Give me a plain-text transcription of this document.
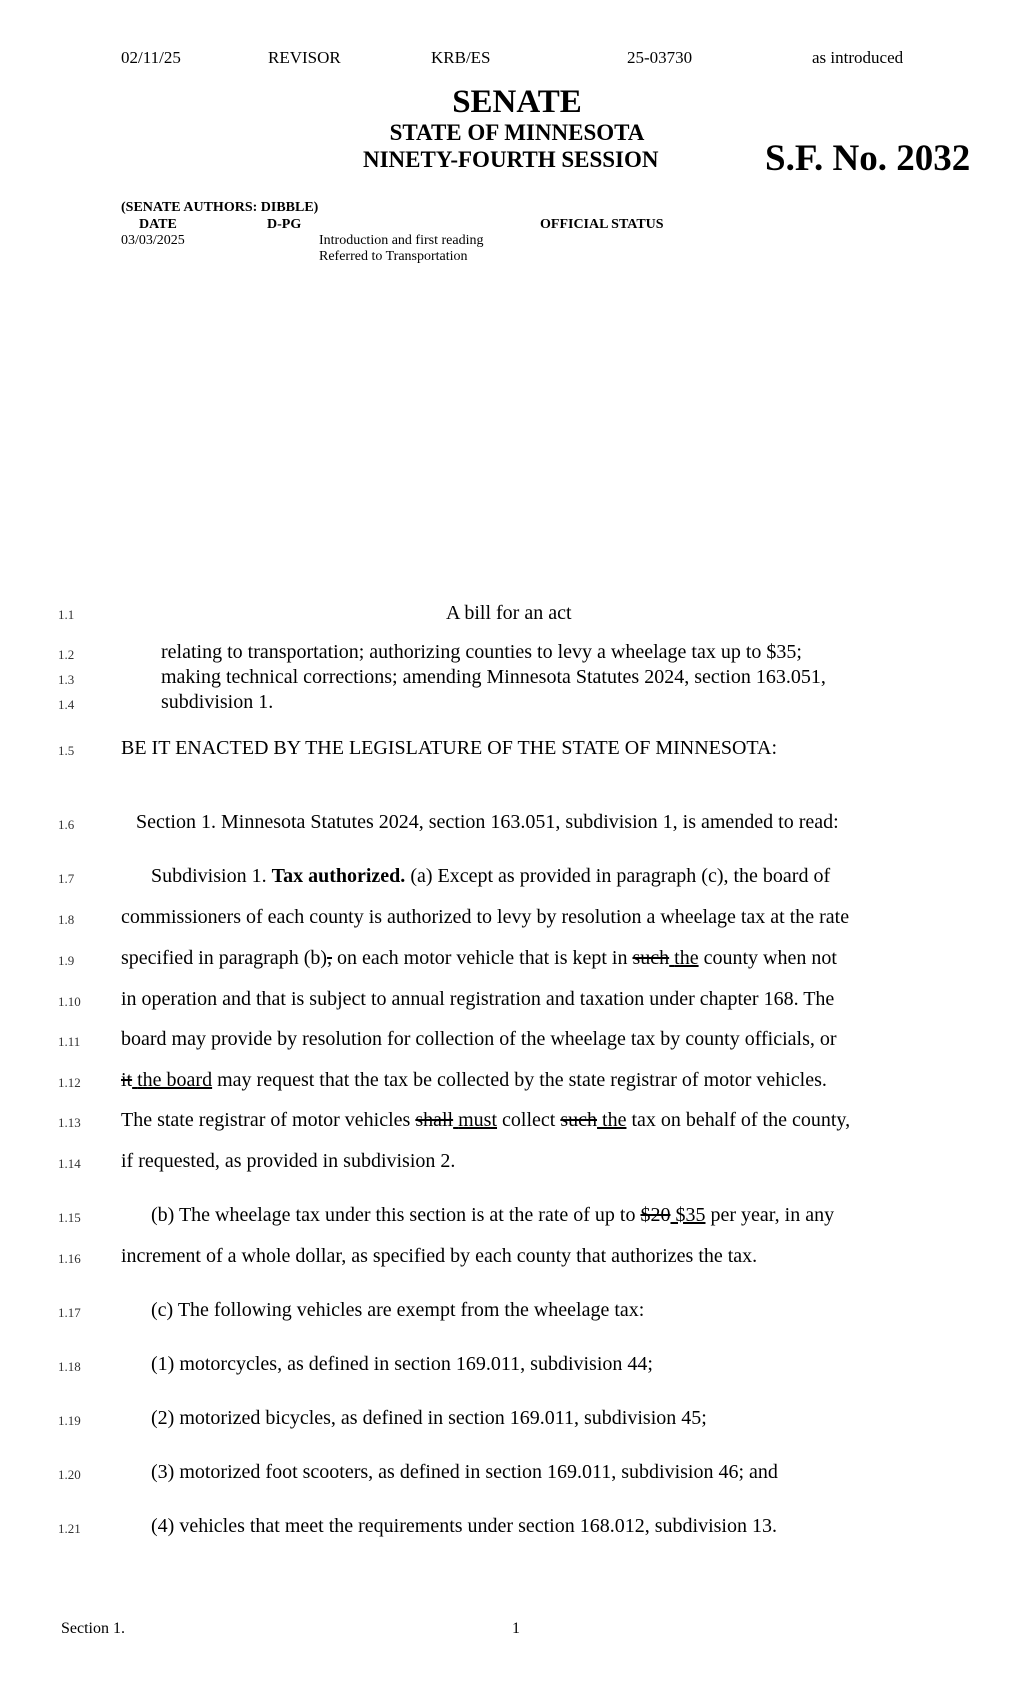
02/11/25	REVISOR	KRB/ES	25-03730	as introduced
SENATE
STATE OF MINNESOTA
NINETY-FOURTH SESSION	S.F. No. 2032
(SENATE AUTHORS: DIBBLE)
DATE	D-PG	OFFICIAL STATUS
03/03/2025	Introduction and first reading
Referred to Transportation
1.1
1.2
1.3
1.4
1.5
1.6
1.7
1.8
1.9
1.10
1.11
1.12
1.13
1.14
1.15
1.16
1.17
1.18
1.19
1.20
1.21
A bill for an act
relating to transportation; authorizing counties to levy a wheelage tax up to $35;
making technical corrections; amending Minnesota Statutes 2024, section 163.051,
subdivision 1.
BE IT ENACTED BY THE LEGISLATURE OF THE STATE OF MINNESOTA:
Section 1. Minnesota Statutes 2024, section 163.051, subdivision 1, is amended to read:
Subdivision 1. Tax authorized. (a) Except as provided in paragraph (c), the board of
commissioners of each county is authorized to levy by resolution a wheelage tax at the rate
specified in paragraph (b), on each motor vehicle that is kept in such the county when not
in operation and that is subject to annual registration and taxation under chapter 168. The
board may provide by resolution for collection of the wheelage tax by county officials, or
it the board may request that the tax be collected by the state registrar of motor vehicles.
The state registrar of motor vehicles shall must collect such the tax on behalf of the county,
if requested, as provided in subdivision 2.
(b) The wheelage tax under this section is at the rate of up to $20 $35 per year, in any
increment of a whole dollar, as specified by each county that authorizes the tax.
(c) The following vehicles are exempt from the wheelage tax:
(1) motorcycles, as defined in section 169.011, subdivision 44;
(2) motorized bicycles, as defined in section 169.011, subdivision 45;
(3) motorized foot scooters, as defined in section 169.011, subdivision 46; and
(4) vehicles that meet the requirements under section 168.012, subdivision 13.
Section 1.	1
